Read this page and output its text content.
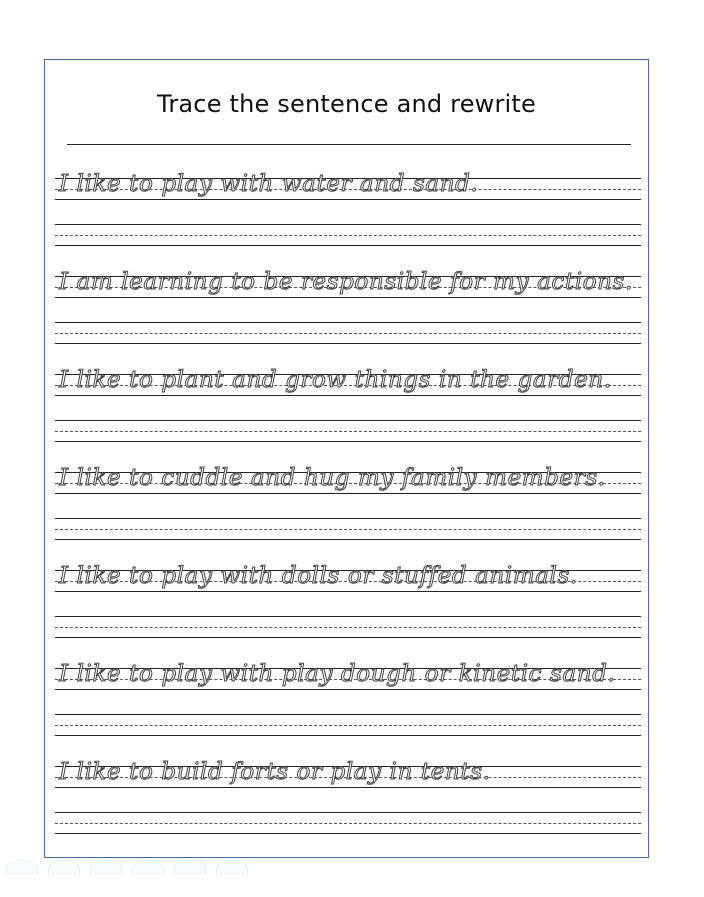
Trace the sentence and rewrite
I like to play with water and sand.
I am learning to be responsible for my actions.
I like to plant and grow things in the garden.
I like to cuddle and hug my family members.
I like to play with dolls or stuffed animals.
I like to play with play dough or kinetic sand.
I like to build forts or play in tents.
